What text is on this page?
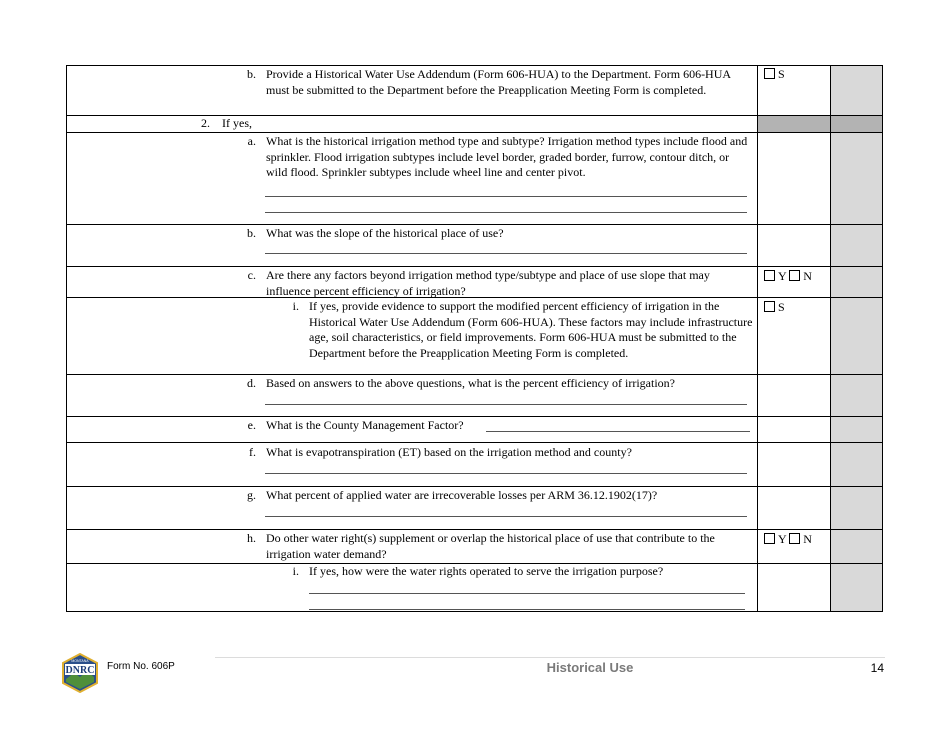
b. Provide a Historical Water Use Addendum (Form 606-HUA) to the Department. Form 606-HUA must be submitted to the Department before the Preapplication Meeting Form is completed.
S
2. If yes,
a. What is the historical irrigation method type and subtype? Irrigation method types include flood and sprinkler. Flood irrigation subtypes include level border, graded border, furrow, contour ditch, or wild flood. Sprinkler subtypes include wheel line and center pivot.
b. What was the slope of the historical place of use?
c. Are there any factors beyond irrigation method type/subtype and place of use slope that may influence percent efficiency of irrigation?
Y N
i. If yes, provide evidence to support the modified percent efficiency of irrigation in the Historical Water Use Addendum (Form 606-HUA). These factors may include infrastructure age, soil characteristics, or field improvements. Form 606-HUA must be submitted to the Department before the Preapplication Meeting Form is completed.
S
d. Based on answers to the above questions, what is the percent efficiency of irrigation?
e. What is the County Management Factor?
f. What is evapotranspiration (ET) based on the irrigation method and county?
g. What percent of applied water are irrecoverable losses per ARM 36.12.1902(17)?
h. Do other water right(s) supplement or overlap the historical place of use that contribute to the irrigation water demand?
Y N
i. If yes, how were the water rights operated to serve the irrigation purpose?
DNRC
MONTANA Form No. 606P	Historical Use	14
